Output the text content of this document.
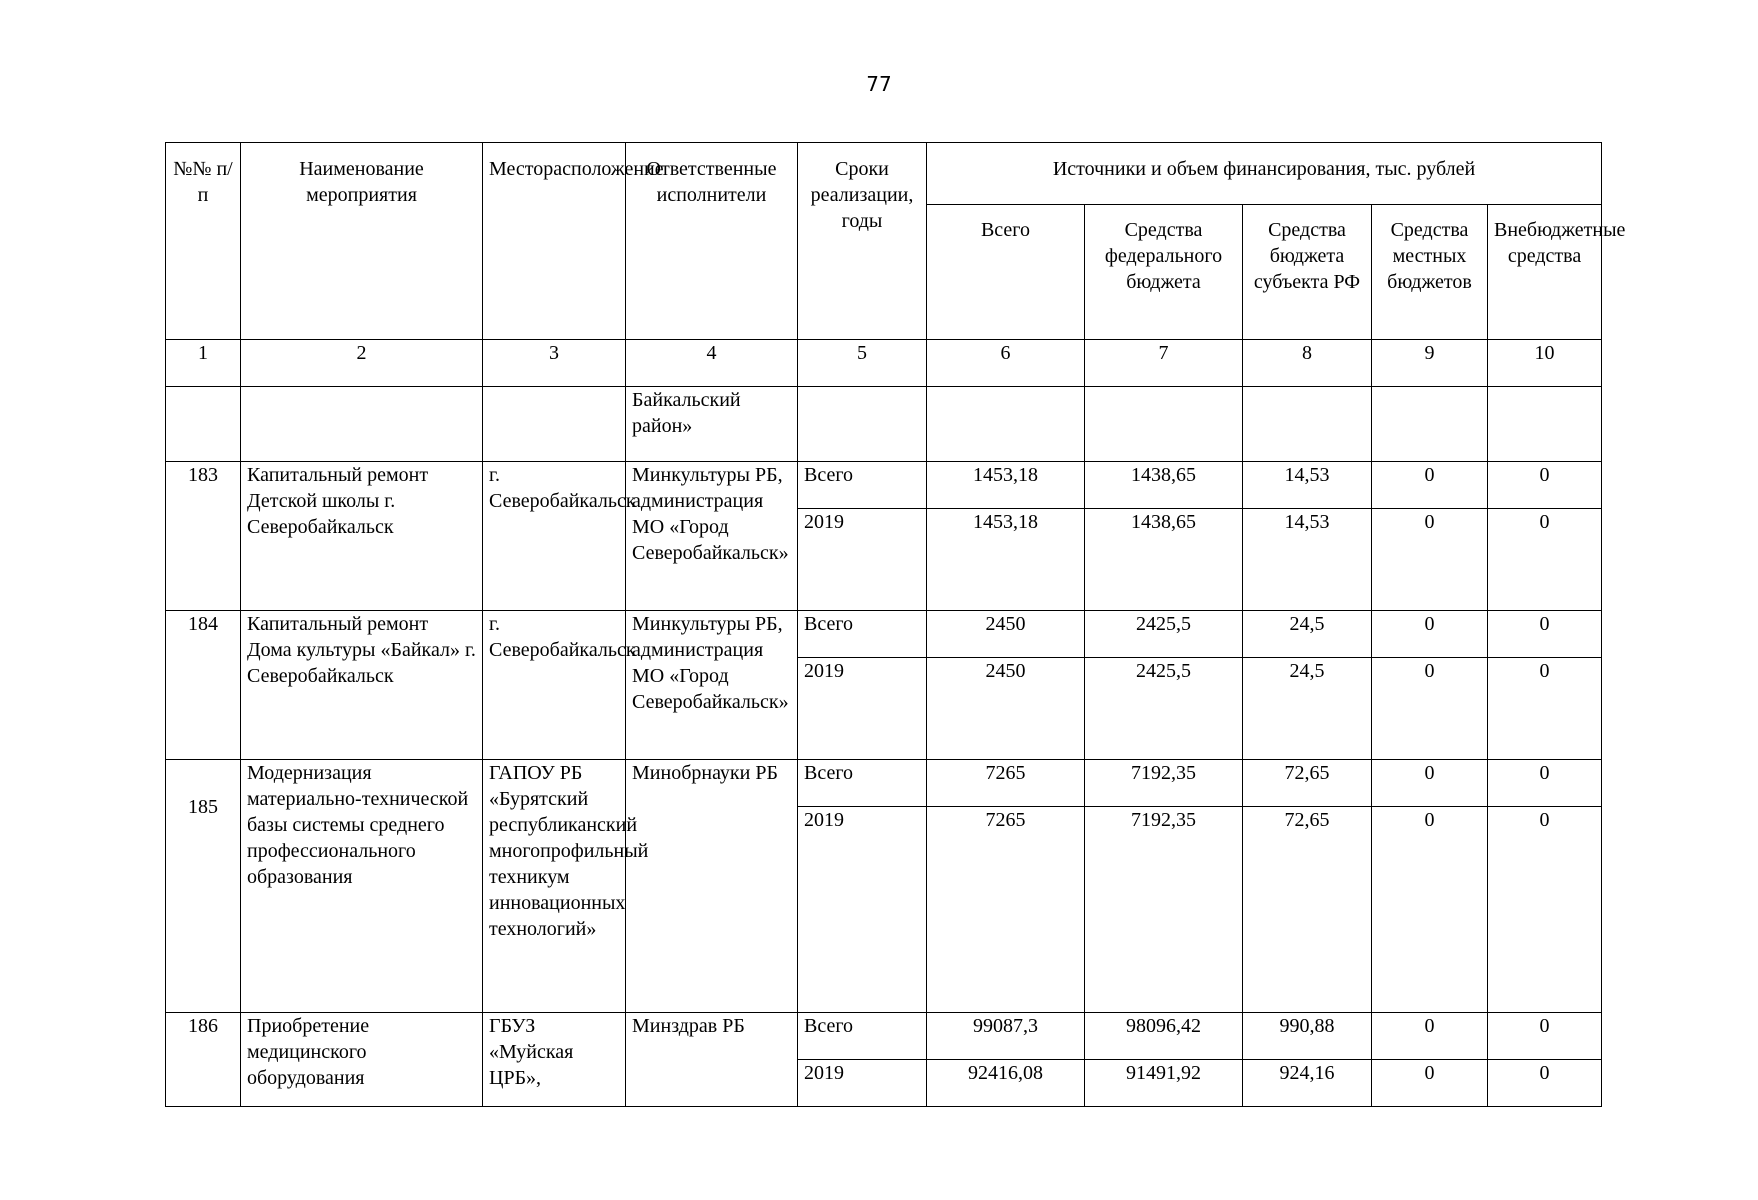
77
№№ п/п	Наименование мероприятия	Месторасположение	Ответственные исполнители	Сроки реализации, годы	Источники и объем финансирования, тыс. рублей				
					Всего	Средства федерального бюджета	Средства бюджета субъекта РФ	Средства местных бюджетов	Внебюджетные средства
1	2	3	4	5	6	7	8	9	10
			Байкальский район»						
183	Капитальный ремонт Детской школы г. Северобайкальск	г. Северобайкальск	Минкультуры РБ, администрация МО «Город Северобайкальск»	Всего	1453,18	1438,65	14,53	0	0
				2019	1453,18	1438,65	14,53	0	0
184	Капитальный ремонт Дома культуры «Байкал» г. Северобайкальск	г. Северобайкальск	Минкультуры РБ, администрация МО «Город Северобайкальск»	Всего	2450	2425,5	24,5	0	0
				2019	2450	2425,5	24,5	0	0
185	Модернизация материально-технической базы системы среднего профессионального образования	ГАПОУ РБ «Бурятский республиканский многопрофильный техникум инновационных технологий»	Минобрнауки РБ	Всего	7265	7192,35	72,65	0	0
				2019	7265	7192,35	72,65	0	0
186	Приобретение медицинского оборудования	ГБУЗ «Муйская ЦРБ»,	Минздрав РБ	Всего	99087,3	98096,42	990,88	0	0
				2019	92416,08	91491,92	924,16	0	0
